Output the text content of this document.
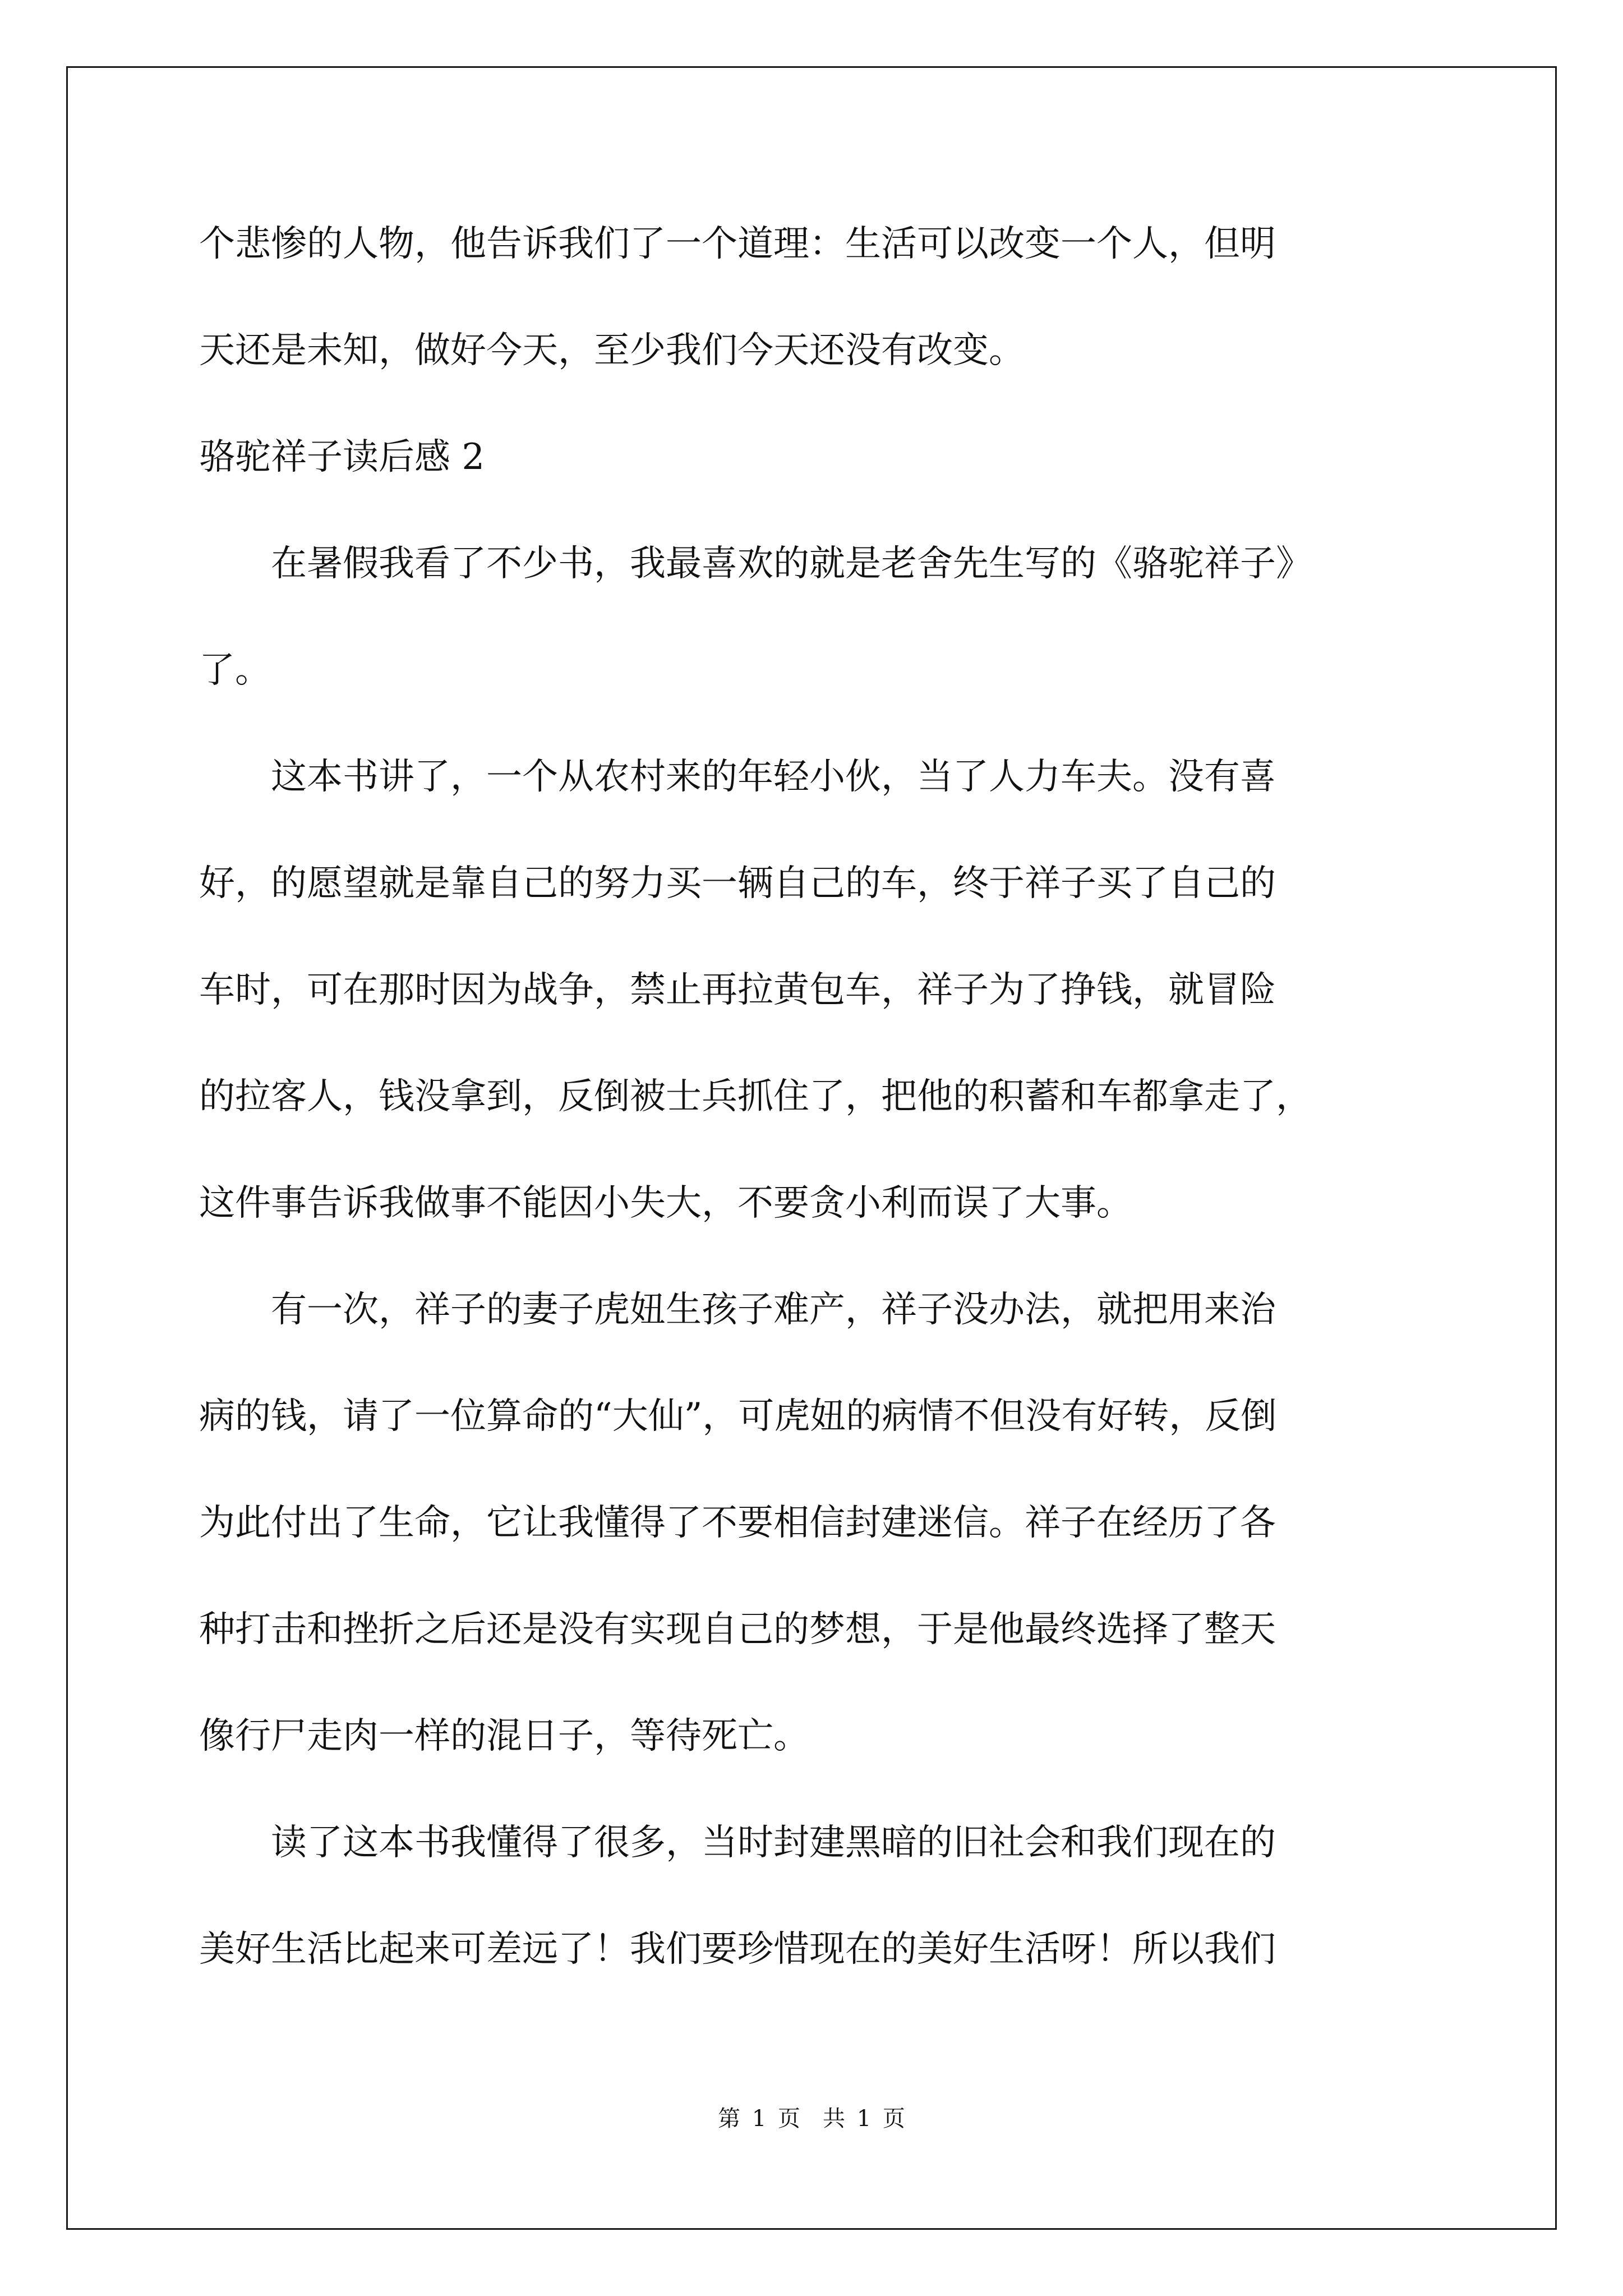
个悲惨的人物，他告诉我们了一个道理：生活可以改变一个人，但明
天还是未知，做好今天，至少我们今天还没有改变。
骆驼祥子读后感 2
在暑假我看了不少书，我最喜欢的就是老舍先生写的《骆驼祥子》
了。
这本书讲了，一个从农村来的年轻小伙，当了人力车夫。没有喜
好，的愿望就是靠自己的努力买一辆自己的车，终于祥子买了自己的
车时，可在那时因为战争，禁止再拉黄包车，祥子为了挣钱，就冒险
的拉客人，钱没拿到，反倒被士兵抓住了，把他的积蓄和车都拿走了，
这件事告诉我做事不能因小失大，不要贪小利而误了大事。
有一次，祥子的妻子虎妞生孩子难产，祥子没办法，就把用来治
病的钱，请了一位算命的“大仙”，可虎妞的病情不但没有好转，反倒
为此付出了生命，它让我懂得了不要相信封建迷信。祥子在经历了各
种打击和挫折之后还是没有实现自己的梦想，于是他最终选择了整天
像行尸走肉一样的混日子，等待死亡。
读了这本书我懂得了很多，当时封建黑暗的旧社会和我们现在的
美好生活比起来可差远了！我们要珍惜现在的美好生活呀！所以我们
第 1 页　共 1 页
